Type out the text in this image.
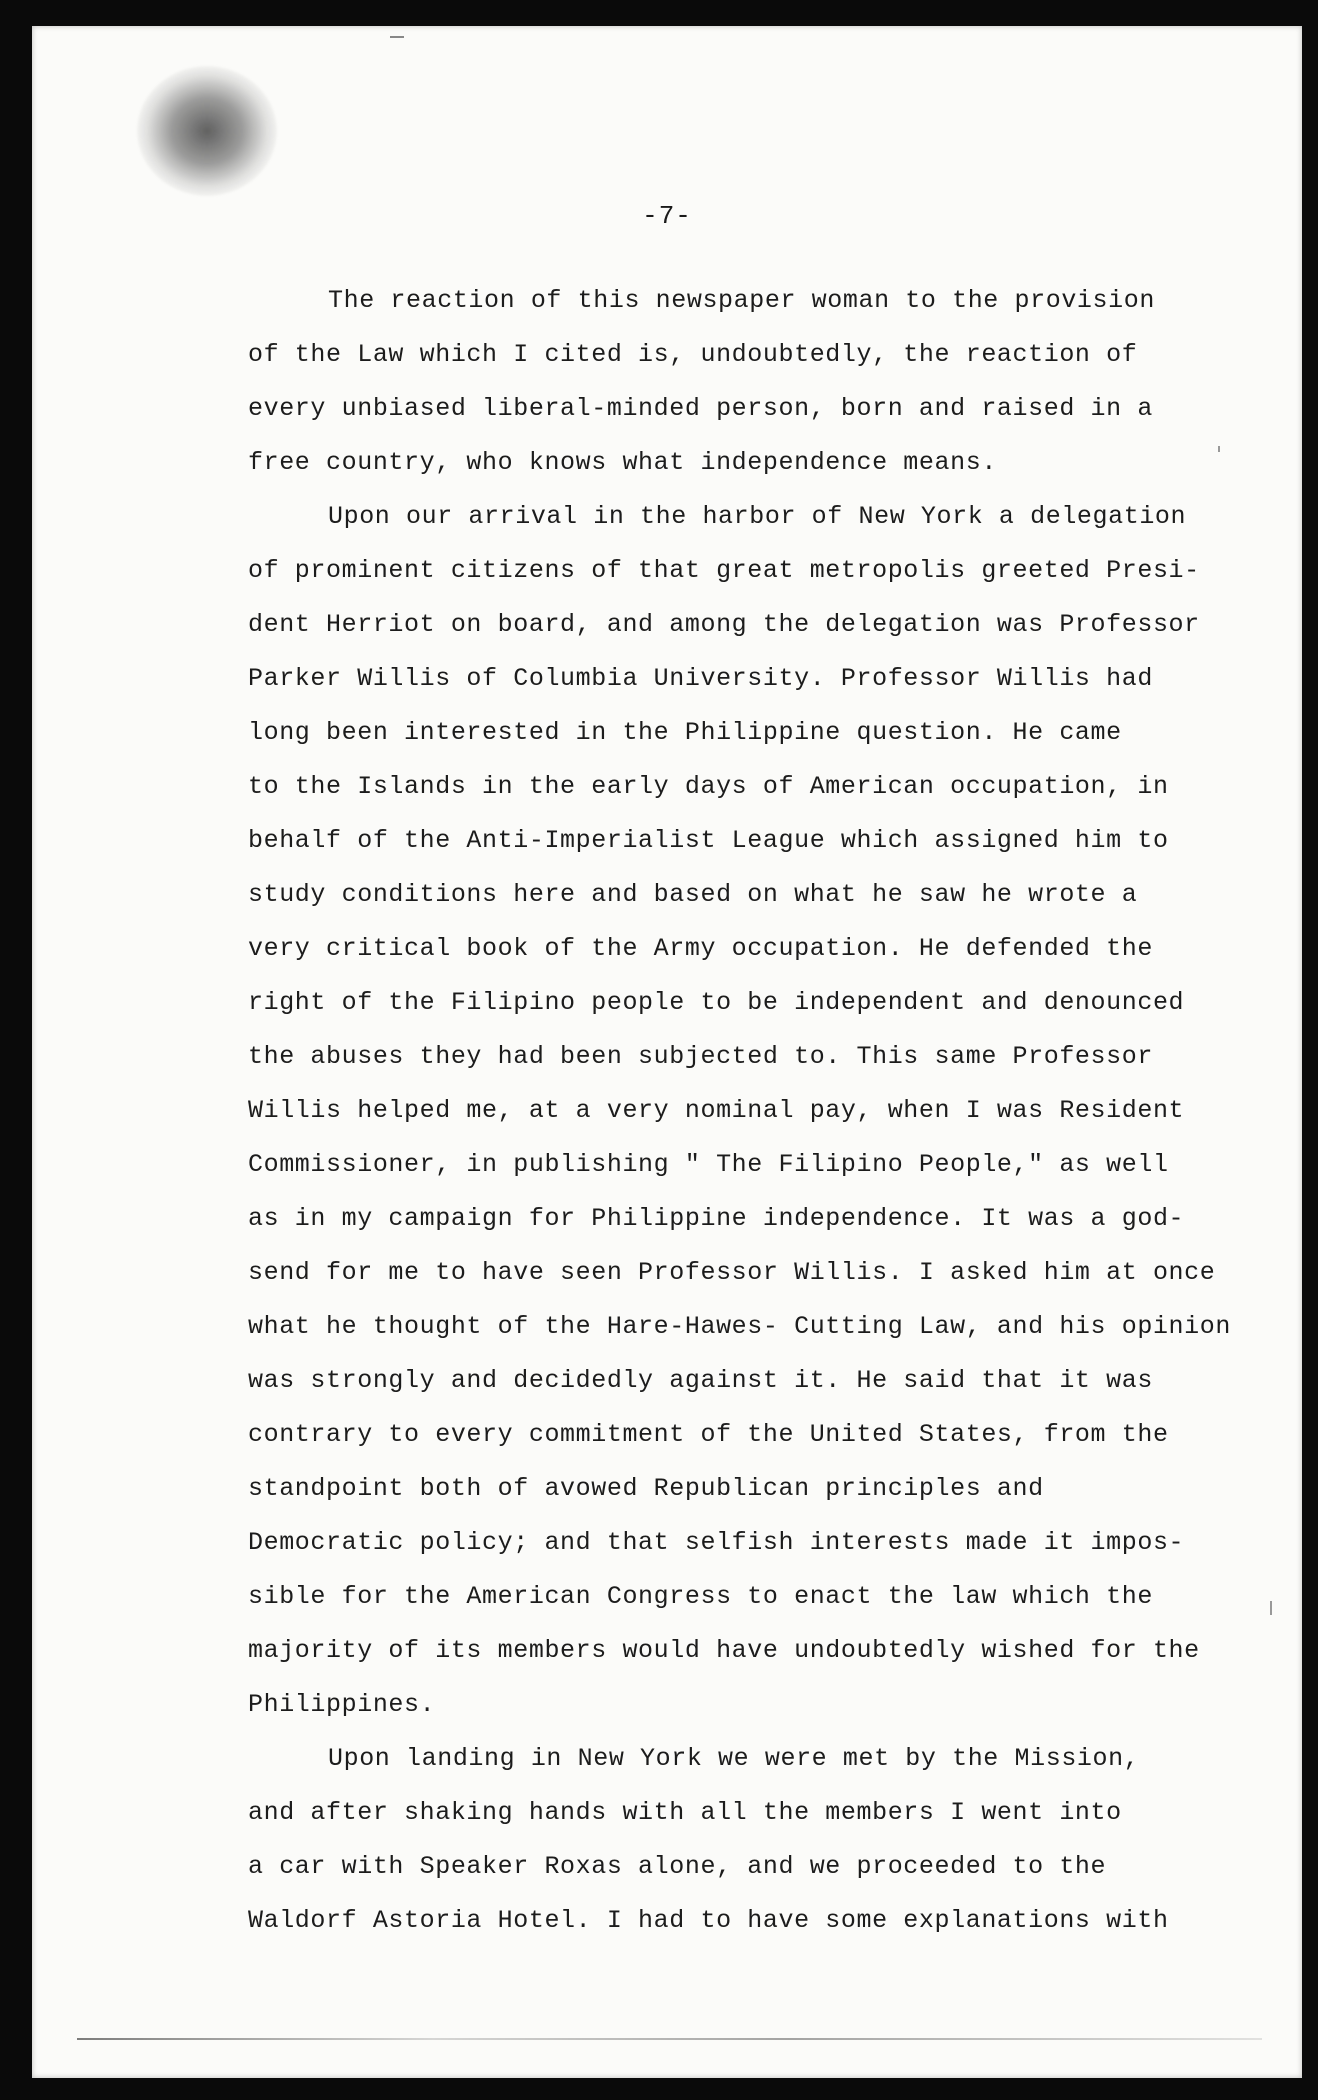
-7-
The reaction of this newspaper woman to the provision
of the Law which I cited is, undoubtedly, the reaction of
every unbiased liberal-minded person, born and raised in a
free country, who knows what independence means.
Upon our arrival in the harbor of New York a delegation
of prominent citizens of that great metropolis greeted Presi-
dent Herriot on board, and among the delegation was Professor
Parker Willis of Columbia University. Professor Willis had
long been interested in the Philippine question. He came
to the Islands in the early days of American occupation, in
behalf of the Anti-Imperialist League which assigned him to
study conditions here and based on what he saw he wrote a
very critical book of the Army occupation. He defended the
right of the Filipino people to be independent and denounced
the abuses they had been subjected to. This same Professor
Willis helped me, at a very nominal pay, when I was Resident
Commissioner, in publishing " The Filipino People," as well
as in my campaign for Philippine independence. It was a god-
send for me to have seen Professor Willis. I asked him at once
what he thought of the Hare-Hawes- Cutting Law, and his opinion
was strongly and decidedly against it. He said that it was
contrary to every commitment of the United States, from the
standpoint both of avowed Republican principles and
Democratic policy; and that selfish interests made it impos-
sible for the American Congress to enact the law which the
majority of its members would have undoubtedly wished for the
Philippines.
Upon landing in New York we were met by the Mission,
and after shaking hands with all the members I went into
a car with Speaker Roxas alone, and we proceeded to the
Waldorf Astoria Hotel. I had to have some explanations with
